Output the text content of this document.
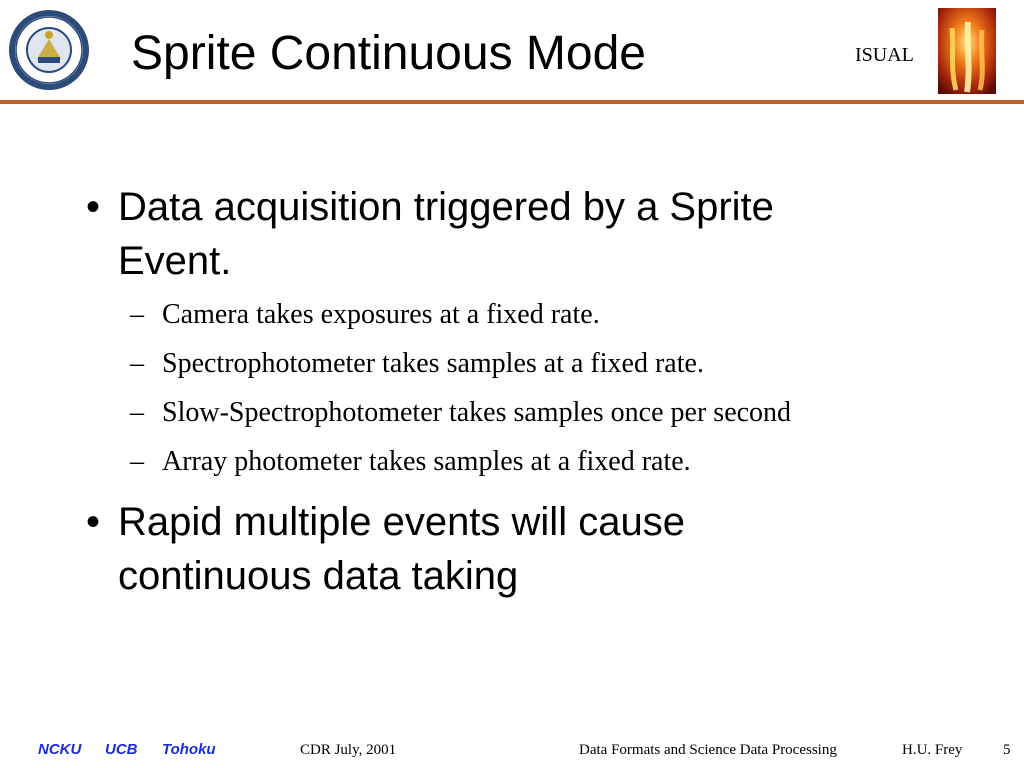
Sprite Continuous Mode	ISUAL
• Data acquisition triggered by a Sprite Event.
– Camera takes exposures at a fixed rate.
– Spectrophotometer takes samples at a fixed rate.
– Slow-Spectrophotometer takes samples once per second
– Array photometer takes samples at a fixed rate.
• Rapid multiple events will cause continuous data taking
NCKU UCB Tohoku	CDR July, 2001	Data Formats and Science Data Processing	H.U. Frey	5
